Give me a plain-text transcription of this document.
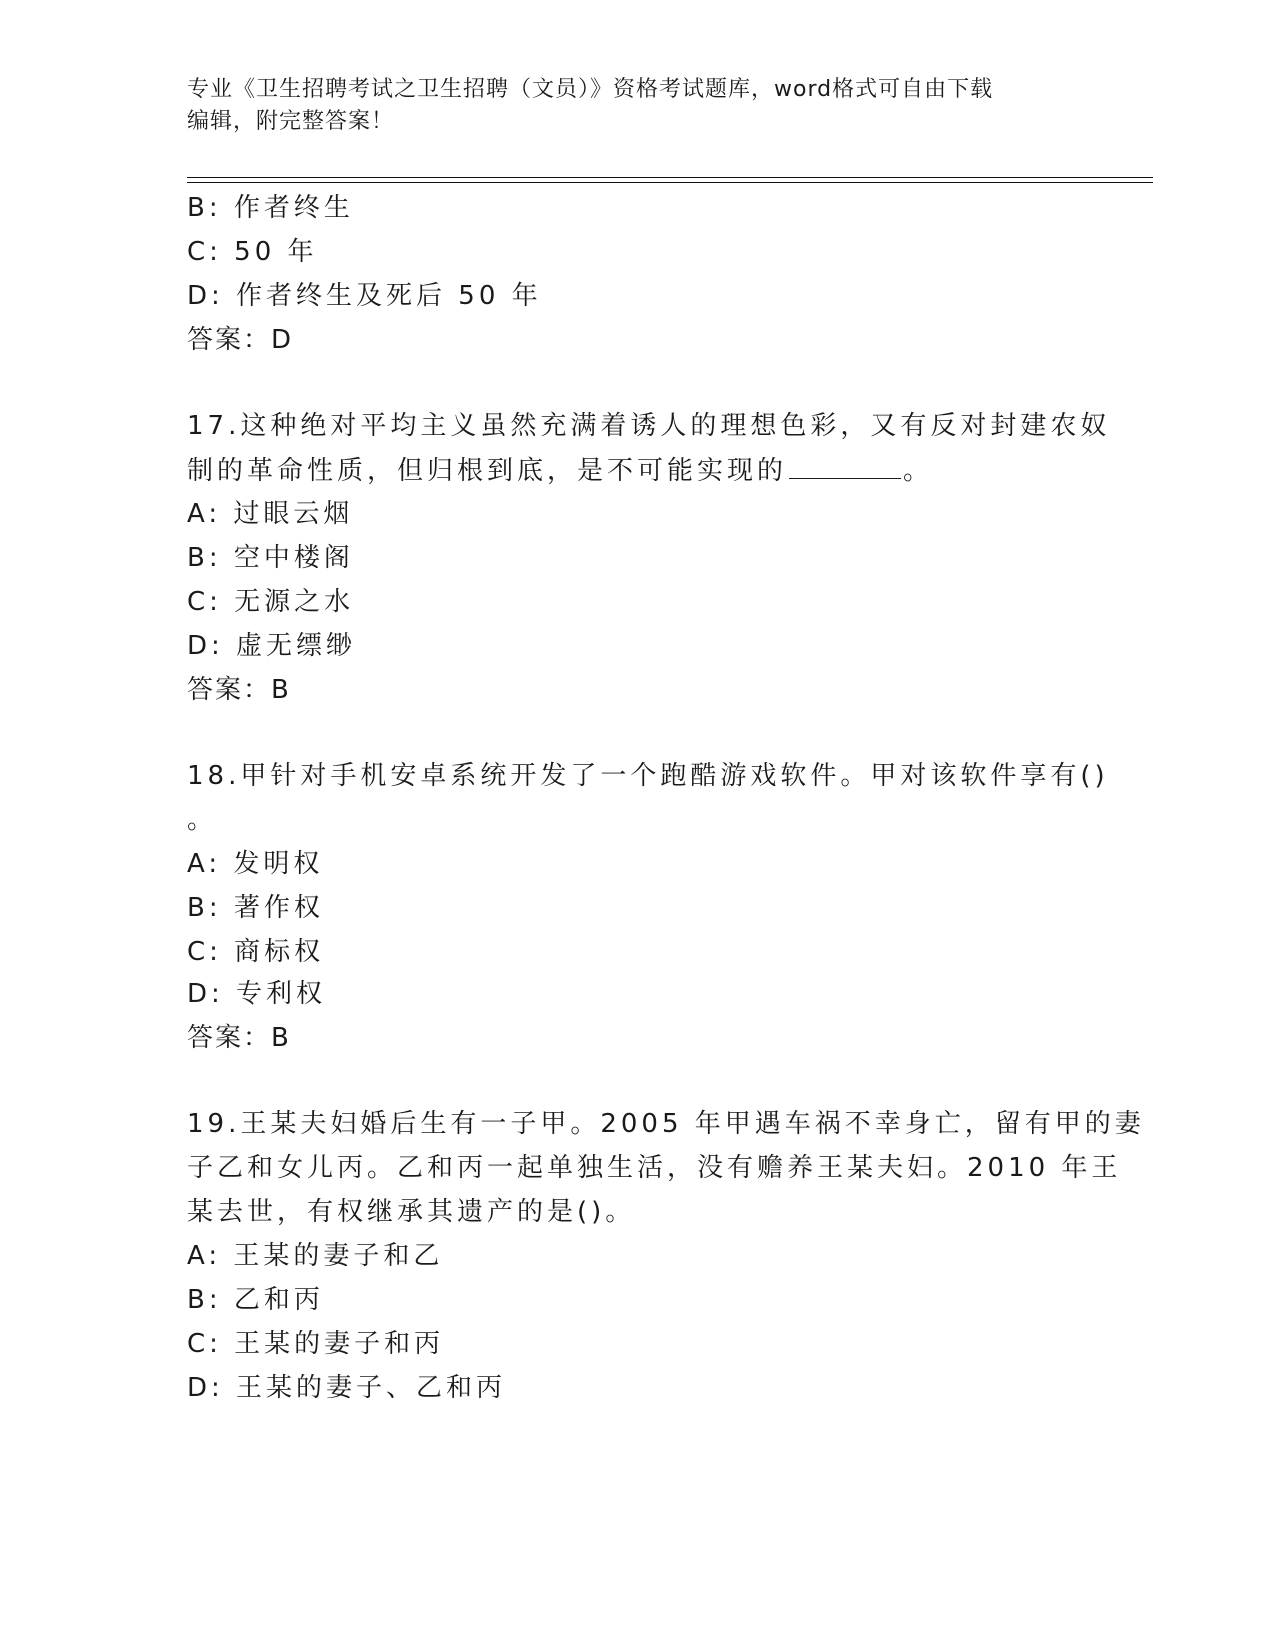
专业《卫生招聘考试之卫生招聘（文员）》资格考试题库，word格式可自由下载
编辑，附完整答案！
B: 作者终生
C: 50 年
D: 作者终生及死后 50 年
答案：D
17.这种绝对平均主义虽然充满着诱人的理想色彩，又有反对封建农奴
制的革命性质，但归根到底，是不可能实现的	。
A: 过眼云烟
B: 空中楼阁
C: 无源之水
D: 虚无缥缈
答案：B
18.甲针对手机安卓系统开发了一个跑酷游戏软件。甲对该软件享有()
。
A: 发明权
B: 著作权
C: 商标权
D: 专利权
答案：B
19.王某夫妇婚后生有一子甲。2005 年甲遇车祸不幸身亡，留有甲的妻
子乙和女儿丙。乙和丙一起单独生活，没有赡养王某夫妇。2010 年王
某去世，有权继承其遗产的是()。
A: 王某的妻子和乙
B: 乙和丙
C: 王某的妻子和丙
D: 王某的妻子、乙和丙
